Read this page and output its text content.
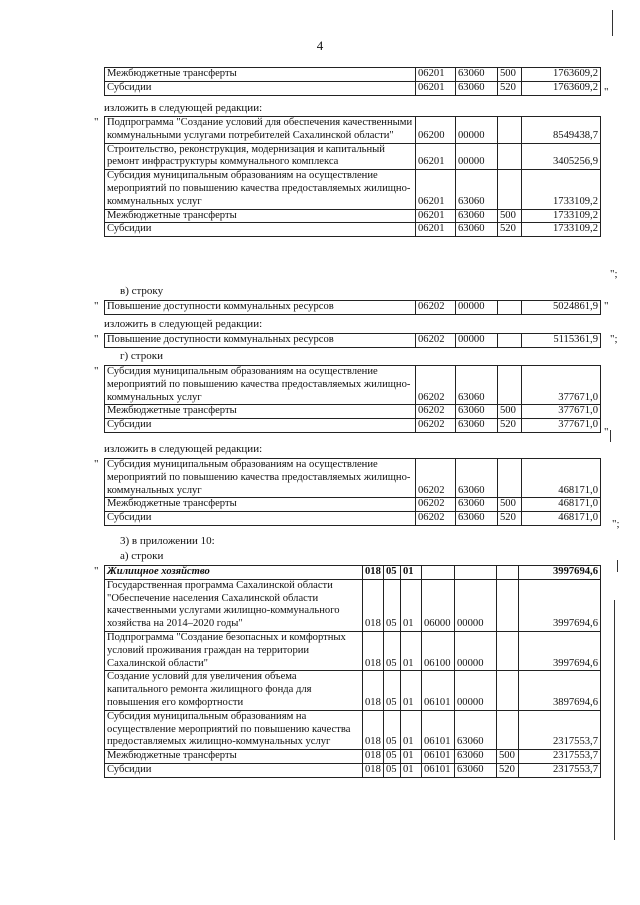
4
Межбюджетные трансферты	06201	63060	500	1763609,2
Субсидии	06201	63060	520	1763609,2 "
изложить в следующей редакции:
" Подпрограмма "Создание условий для обеспечения качественными коммунальными услугами потребителей Сахалинской области"	06200	00000		8549438,7
Строительство, реконструкция, модернизация и капитальный ремонт инфраструктуры коммунального комплекса	06201	00000		3405256,9
Субсидия муниципальным образованиям на осуществление мероприятий по повышению качества предоставляемых жилищно-коммунальных услуг	06201	63060		1733109,2
Межбюджетные трансферты	06201	63060	500	1733109,2
Субсидии	06201	63060	520	1733109,2
";
в) строку
" Повышение доступности коммунальных ресурсов	06202	00000		5024861,9 "
изложить в следующей редакции:
" Повышение доступности коммунальных ресурсов	06202	00000		5115361,9 ";
г) строки
" Субсидия муниципальным образованиям на осуществление мероприятий по повышению качества предоставляемых жилищно-коммунальных услуг	06202	63060		377671,0
Межбюджетные трансферты	06202	63060	500	377671,0
Субсидии	06202	63060	520	377671,0
"
изложить в следующей редакции:
" Субсидия муниципальным образованиям на осуществление мероприятий по повышению качества предоставляемых жилищно-коммунальных услуг	06202	63060		468171,0
Межбюджетные трансферты	06202	63060	500	468171,0
Субсидии	06202	63060	520	468171,0
";
3) в приложении 10:
а) строки
" Жилищное хозяйство	018	05	01				3997694,6
Государственная программа Сахалинской области "Обеспечение населения Сахалинской области качественными услугами жилищно-коммунального хозяйства на 2014–2020 годы"	018	05	01	06000	00000		3997694,6
Подпрограмма "Создание безопасных и комфортных условий проживания граждан на территории Сахалинской области"	018	05	01	06100	00000		3997694,6
Создание условий для увеличения объема капитального ремонта жилищного фонда для повышения его комфортности	018	05	01	06101	00000		3897694,6
Субсидия муниципальным образованиям на осуществление мероприятий по повышению качества предоставляемых жилищно-коммунальных услуг	018	05	01	06101	63060		2317553,7
Межбюджетные трансферты	018	05	01	06101	63060	500	2317553,7
Субсидии	018	05	01	06101	63060	520	2317553,7
